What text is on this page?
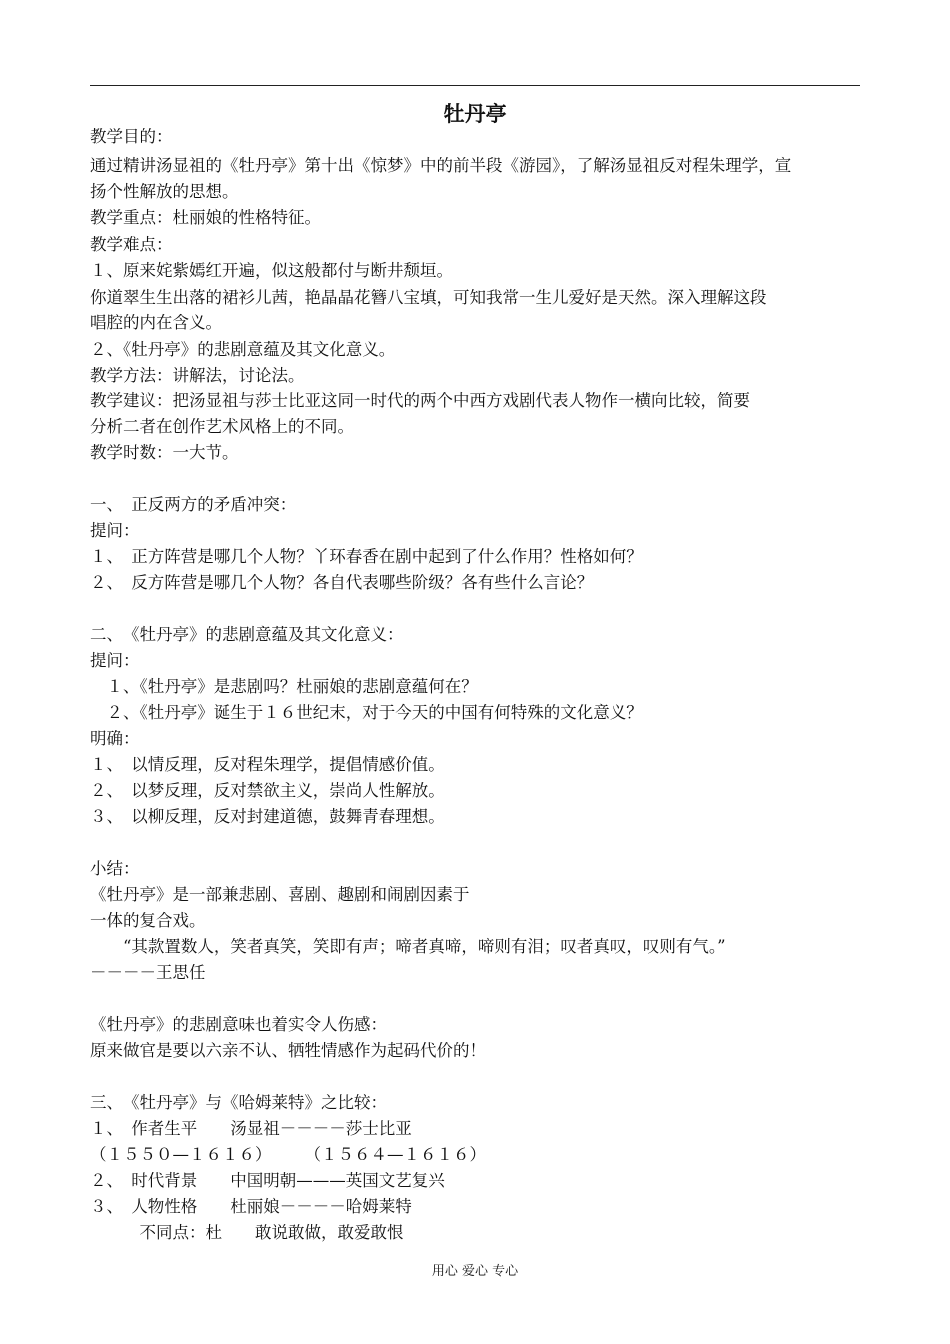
牡丹亭
教学目的：
通过精讲汤显祖的《牡丹亭》第十出《惊梦》中的前半段《游园》，了解汤显祖反对程朱理学，宣
扬个性解放的思想。
教学重点：杜丽娘的性格特征。
教学难点：
１、原来姹紫嫣红开遍，似这般都付与断井颓垣。
你道翠生生出落的裙衫儿茜，艳晶晶花簪八宝填，可知我常一生儿爱好是天然。深入理解这段
唱腔的内在含义。
２、《牡丹亭》的悲剧意蕴及其文化意义。
教学方法：讲解法，讨论法。
教学建议：把汤显祖与莎士比亚这同一时代的两个中西方戏剧代表人物作一横向比较，简要
分析二者在创作艺术风格上的不同。
教学时数：一大节。
一、　正反两方的矛盾冲突：
提问：
１、　正方阵营是哪几个人物？丫环春香在剧中起到了什么作用？性格如何？
２、　反方阵营是哪几个人物？各自代表哪些阶级？各有些什么言论？
二、　《牡丹亭》的悲剧意蕴及其文化意义：
提问：
　１、《牡丹亭》是悲剧吗？杜丽娘的悲剧意蕴何在？
　２、《牡丹亭》诞生于１６世纪末，对于今天的中国有何特殊的文化意义？
明确：
１、　以情反理，反对程朱理学，提倡情感价值。
２、　以梦反理，反对禁欲主义，崇尚人性解放。
３、　以柳反理，反对封建道德，鼓舞青春理想。
小结：
《牡丹亭》是一部兼悲剧、喜剧、趣剧和闹剧因素于
一体的复合戏。
　　“其款置数人，笑者真笑，笑即有声；啼者真啼，啼则有泪；叹者真叹，叹则有气。”
－－－－王思任
《牡丹亭》的悲剧意味也着实令人伤感：
原来做官是要以六亲不认、牺牲情感作为起码代价的！
三、　《牡丹亭》与《哈姆莱特》之比较：
１、　作者生平　　汤显祖－－－－莎士比亚
（１５５０—１６１６）　　　（１５６４—１６１６）
２、　时代背景　　中国明朝———英国文艺复兴
３、　人物性格　　杜丽娘－－－－哈姆莱特
　　　不同点：杜　　敢说敢做，敢爱敢恨
用心 爱心 专心
